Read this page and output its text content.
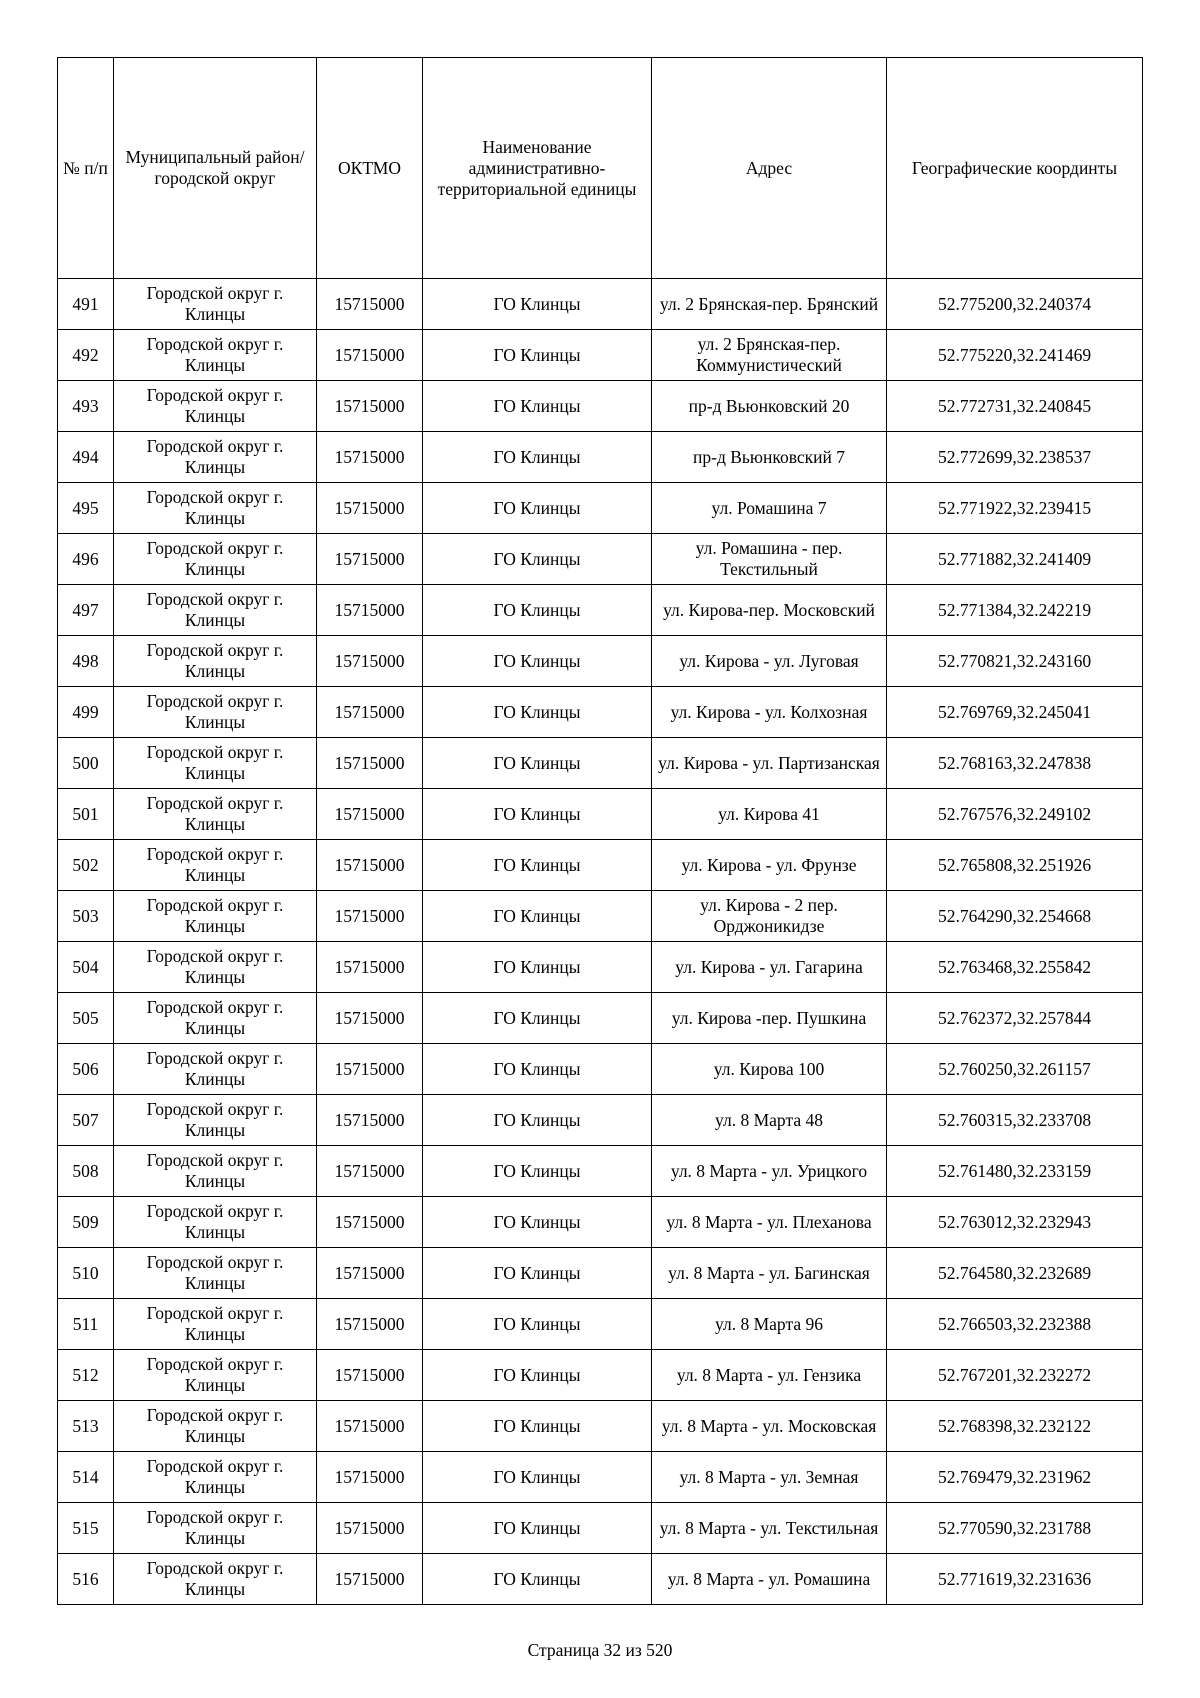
№ п/п	Муниципальный район/городской округ	ОКТМО	Наименование административно-территориальной единицы	Адрес	Географические координты
491	Городской округ г. Клинцы	15715000	ГО Клинцы	ул. 2 Брянская-пер. Брянский	52.775200,32.240374
492	Городской округ г. Клинцы	15715000	ГО Клинцы	ул. 2 Брянская-пер. Коммунистический	52.775220,32.241469
493	Городской округ г. Клинцы	15715000	ГО Клинцы	пр-д Вьюнковский 20	52.772731,32.240845
494	Городской округ г. Клинцы	15715000	ГО Клинцы	пр-д Вьюнковский 7	52.772699,32.238537
495	Городской округ г. Клинцы	15715000	ГО Клинцы	ул. Ромашина 7	52.771922,32.239415
496	Городской округ г. Клинцы	15715000	ГО Клинцы	ул. Ромашина - пер. Текстильный	52.771882,32.241409
497	Городской округ г. Клинцы	15715000	ГО Клинцы	ул. Кирова-пер. Московский	52.771384,32.242219
498	Городской округ г. Клинцы	15715000	ГО Клинцы	ул. Кирова - ул. Луговая	52.770821,32.243160
499	Городской округ г. Клинцы	15715000	ГО Клинцы	ул. Кирова - ул. Колхозная	52.769769,32.245041
500	Городской округ г. Клинцы	15715000	ГО Клинцы	ул. Кирова - ул. Партизанская	52.768163,32.247838
501	Городской округ г. Клинцы	15715000	ГО Клинцы	ул. Кирова 41	52.767576,32.249102
502	Городской округ г. Клинцы	15715000	ГО Клинцы	ул. Кирова - ул. Фрунзе	52.765808,32.251926
503	Городской округ г. Клинцы	15715000	ГО Клинцы	ул. Кирова - 2 пер. Орджоникидзе	52.764290,32.254668
504	Городской округ г. Клинцы	15715000	ГО Клинцы	ул. Кирова - ул. Гагарина	52.763468,32.255842
505	Городской округ г. Клинцы	15715000	ГО Клинцы	ул. Кирова -пер. Пушкина	52.762372,32.257844
506	Городской округ г. Клинцы	15715000	ГО Клинцы	ул. Кирова 100	52.760250,32.261157
507	Городской округ г. Клинцы	15715000	ГО Клинцы	ул. 8 Марта 48	52.760315,32.233708
508	Городской округ г. Клинцы	15715000	ГО Клинцы	ул. 8 Марта - ул. Урицкого	52.761480,32.233159
509	Городской округ г. Клинцы	15715000	ГО Клинцы	ул. 8 Марта - ул. Плеханова	52.763012,32.232943
510	Городской округ г. Клинцы	15715000	ГО Клинцы	ул. 8 Марта - ул. Багинская	52.764580,32.232689
511	Городской округ г. Клинцы	15715000	ГО Клинцы	ул. 8 Марта 96	52.766503,32.232388
512	Городской округ г. Клинцы	15715000	ГО Клинцы	ул. 8 Марта - ул. Гензика	52.767201,32.232272
513	Городской округ г. Клинцы	15715000	ГО Клинцы	ул. 8 Марта - ул. Московская	52.768398,32.232122
514	Городской округ г. Клинцы	15715000	ГО Клинцы	ул. 8 Марта - ул. Земная	52.769479,32.231962
515	Городской округ г. Клинцы	15715000	ГО Клинцы	ул. 8 Марта - ул. Текстильная	52.770590,32.231788
516	Городской округ г. Клинцы	15715000	ГО Клинцы	ул. 8 Марта - ул. Ромашина	52.771619,32.231636
Страница 32 из 520
